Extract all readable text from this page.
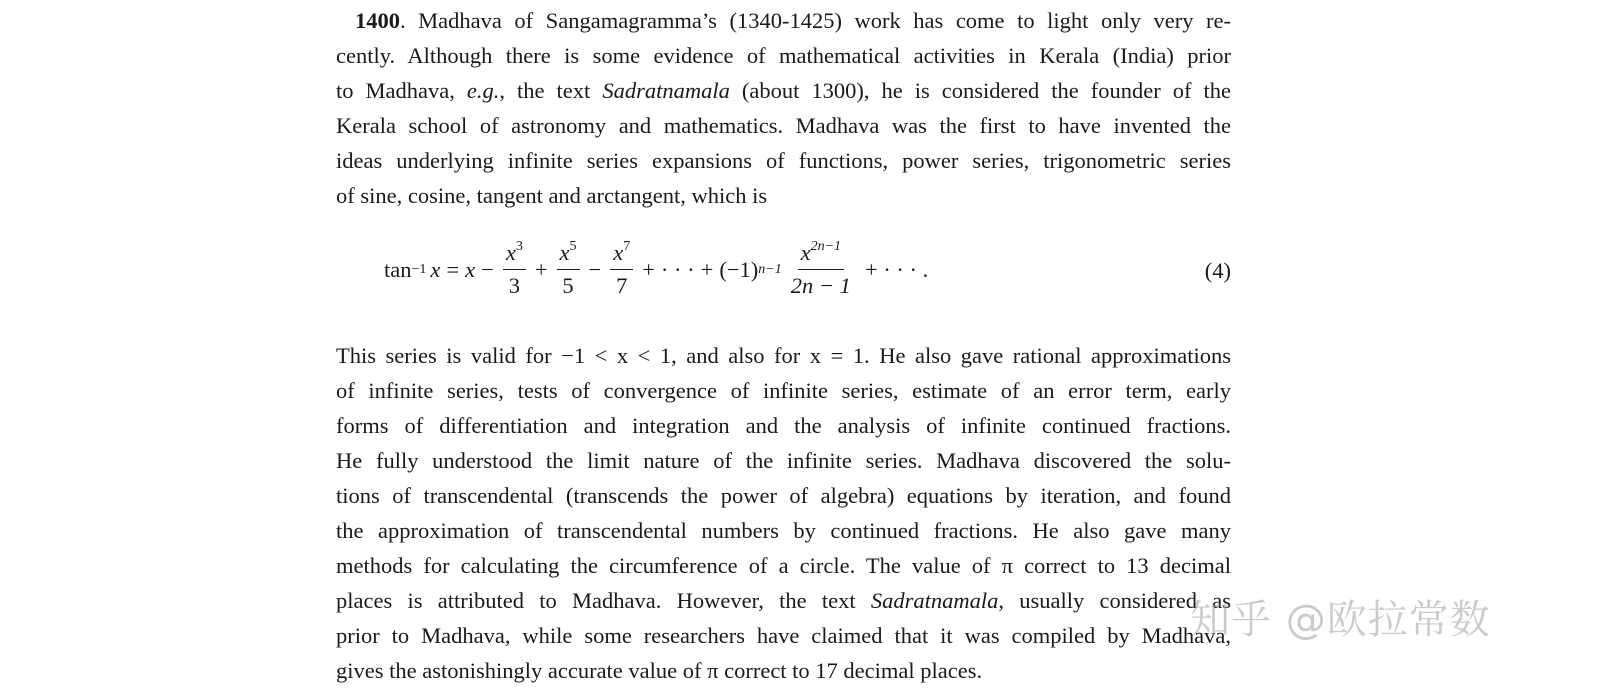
1400. Madhava of Sangamagramma’s (1340-1425) work has come to light only very re-
cently. Although there is some evidence of mathematical activities in Kerala (India) prior
to Madhava, e.g., the text Sadratnamala (about 1300), he is considered the founder of the
Kerala school of astronomy and mathematics. Madhava was the first to have invented the
ideas underlying infinite series expansions of functions, power series, trigonometric series
of sine, cosine, tangent and arctangent, which is
tan −1 $x = x - \frac{x^3}{3} + \frac{x^5}{5} - \frac{x^7}{7}$ + · · · + (−1) $n-1 \frac{x^{2n-1}}{2n - 1}$ + · · · .	(4)
This series is valid for −1 < x < 1, and also for x = 1. He also gave rational approximations
of infinite series, tests of convergence of infinite series, estimate of an error term, early
forms of differentiation and integration and the analysis of infinite continued fractions.
He fully understood the limit nature of the infinite series. Madhava discovered the solu-
tions of transcendental (transcends the power of algebra) equations by iteration, and found
the approximation of transcendental numbers by continued fractions. He also gave many
methods for calculating the circumference of a circle. The value of π correct to 13 decimal
places is attributed to Madhava. However, the text Sadratnamala, usually considered as
prior to Madhava, while some researchers have claimed that it was compiled by Madhava,
gives the astonishingly accurate value of π correct to 17 decimal places.
知乎 @欧拉常数
